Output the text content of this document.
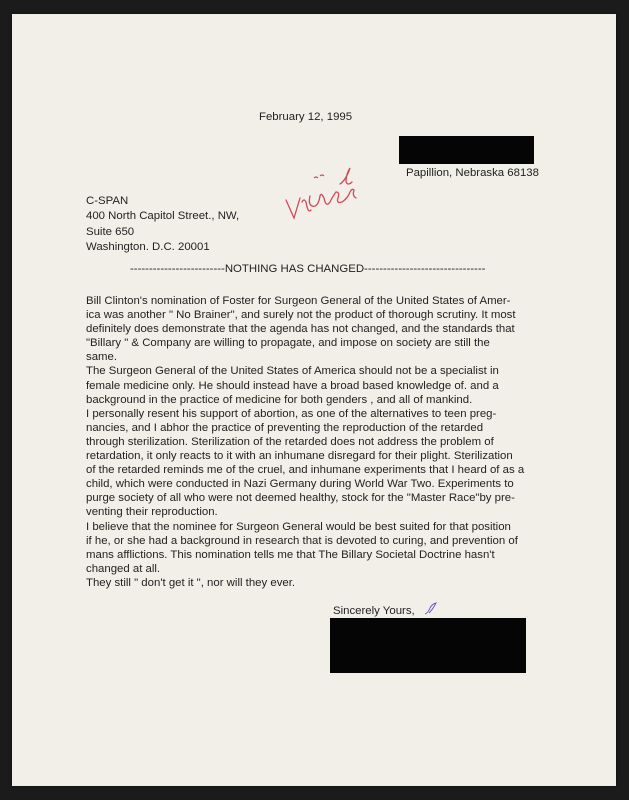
February 12, 1995
Papillion, Nebraska 68138
C-SPAN
400 North Capitol Street., NW,
Suite 650
Washington. D.C. 20001
-------------------------NOTHING HAS CHANGED--------------------------------
Bill Clinton's nomination of Foster for Surgeon General of the United States of Amer-
ica was another " No Brainer", and surely not the product of thorough scrutiny. It most
definitely does demonstrate that the agenda has not changed, and the standards that
"Billary " & Company are willing to propagate, and impose on society are still the
same.
The Surgeon General of the United States of America should not be a specialist in
female medicine only. He should instead have a broad based knowledge of. and a
background in the practice of medicine for both genders , and all of mankind.
I personally resent his support of abortion, as one of the alternatives to teen preg-
nancies, and I abhor the practice of preventing the reproduction of the retarded
through sterilization. Sterilization of the retarded does not address the problem of
retardation, it only reacts to it with an inhumane disregard for their plight. Sterilization
of the retarded reminds me of the cruel, and inhumane experiments that I heard of as a
child, which were conducted in Nazi Germany during World War Two. Experiments to
purge society of all who were not deemed healthy, stock for the "Master Race"by pre-
venting their reproduction.
I believe that the nominee for Surgeon General would be best suited for that position
if he, or she had a background in research that is devoted to curing, and prevention of
mans afflictions. This nomination tells me that The Billary Societal Doctrine hasn't
changed at all.
They still " don't get it ", nor will they ever.
Sincerely Yours,
